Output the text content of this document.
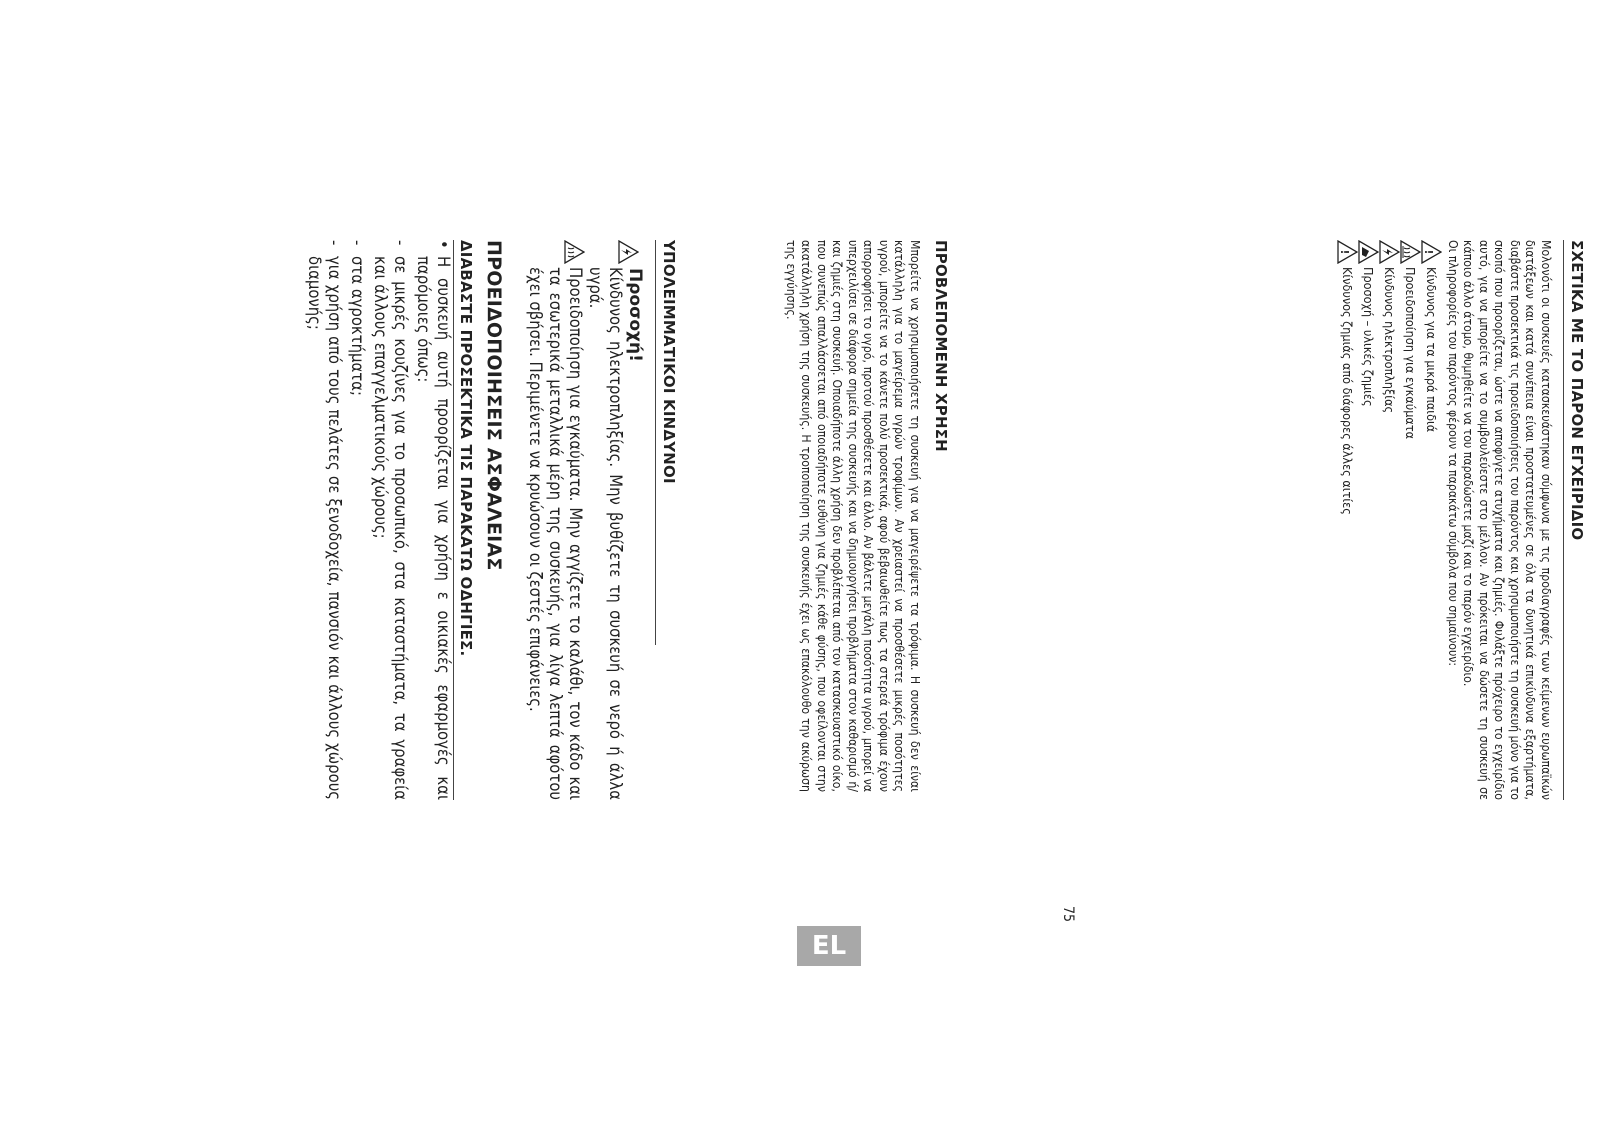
ΣΧΕΤΙΚΑ ΜΕ ΤΟ ΠΑΡΟΝ ΕΓΧΕΙΡΙΔΙΟ

Μολονότι οι συσκευές κατασκευάστηκαν σύμφωνα με τις προδιαγραφές των κείμενων ευρωπαϊκών διατάξεων και κατά συνέπεια είναι προστατευμένες σε όλα τα δυνητικά επικίνδυνα εξαρτήματα, διαβάστε προσεκτικά τις προειδοποιήσεις του παρόντος και χρησιμοποιήστε τη συσκευή μόνο για το σκοπό που προορίζεται, ώστε να αποφύγετε ατυχήματα και ζημιές. Φυλάξτε πρόχειρο το εγχειρίδιο αυτό, για να μπορείτε να το συμβουλεύεστε στο μέλλον. Αν πρόκειται να δώσετε τη συσκευή σε κάποιο άλλο άτομο, θυμηθείτε να του παραδώσετε μαζί και το παρόν εγχειρίδιο.

Οι πληροφορίες του παρόντος φέρουν τα παρακάτω σύμβολα που σημαίνουν:

!
Κίνδυνος για τα μικρά παιδιά
Προειδοποίηση για εγκαύματα
Κίνδυνος ηλεκτροπληξίας
Προσοχή – υλικές ζημιές
!
Κίνδυνος ζημιάς από διάφορες άλλες αιτίες
ΠΡΟΒΛΕΠΟΜΕΝΗ ΧΡΗΣΗ

Μπορείτε να χρησιμοποιήσετε τη συσκευή για να μαγειρέψετε τα τρόφιμα. Η συσκευή δεν είναι κατάλληλη για το μαγείρεμα υγρών τροφίμων. Αν χρειαστεί να προσθέσετε μικρές ποσότητες υγρού, μπορείτε να το κάνετε πολύ προσεκτικά, αφού βεβαιωθείτε πως τα στερεά τρόφιμα έχουν απορροφήσει το υγρό, προτού προσθέσετε και άλλο. Αν βάλετε μεγάλη ποσότητα υγρού, μπορεί να υπερχειλίσει σε διάφορα σημεία της συσκευής και να δημιουργήσει προβλήματα στον καθαρισμό ή/και ζημιές στη συσκευή. Οποιαδήποτε άλλη χρήση δεν προβλέπεται από τον κατασκευαστικό οίκο, που συνεπώς απαλλάσσεται από οποιαδήποτε ευθύνη για ζημιές κάθε φύσης, που οφείλονται στην ακατάλληλη χρήση της συσκευής. Η τροποποίηση της συσκευής έχει ως επακόλουθο την ακύρωση της εγγύησης.

ΥΠΟΛΕΙΜΜΑΤΙΚΟΙ ΚΙΝΔΥΝΟΙ
Προσοχή!

Κίνδυνος ηλεκτροπληξίας. Μην βυθίζετε τη συσκευή σε νερό ή άλλα υγρά.

Προειδοποίηση για εγκαύματα. Μην αγγίζετε το καλάθι, τον κάδο και τα εσωτερικά μεταλλικά μέρη της συσκευής, για λίγα λεπτά αφότου έχει σβήσει. Περιμένετε να κρυώσουν οι ζεστές επιφάνειες.

ΠΡΟΕΙΔΟΠΟΙΗΣΕΙΣ ΑΣΦΑΛΕΙΑΣ
ΔΙΑΒΑΣΤΕ ΠΡΟΣΕΚΤΙΚΑ ΤΙΣ ΠΑΡΑΚΑΤΩ ΟΔΗΓΙΕΣ.
•

Η συσκευή αυτή προορίζεται για χρήση ε οικιακές εφαρμογές και παρόμοιες όπως:

-

σε μικρές κουζίνες για το προσωπικό, στα καταστήματα, τα γραφεία και άλλους επαγγελματικούς χώρους;

-

στα αγροκτήματα;

-

για χρήση από τους πελάτες σε ξενοδοχεία, πανσιόν και άλλους χώρους διαμονής;

EL
75
